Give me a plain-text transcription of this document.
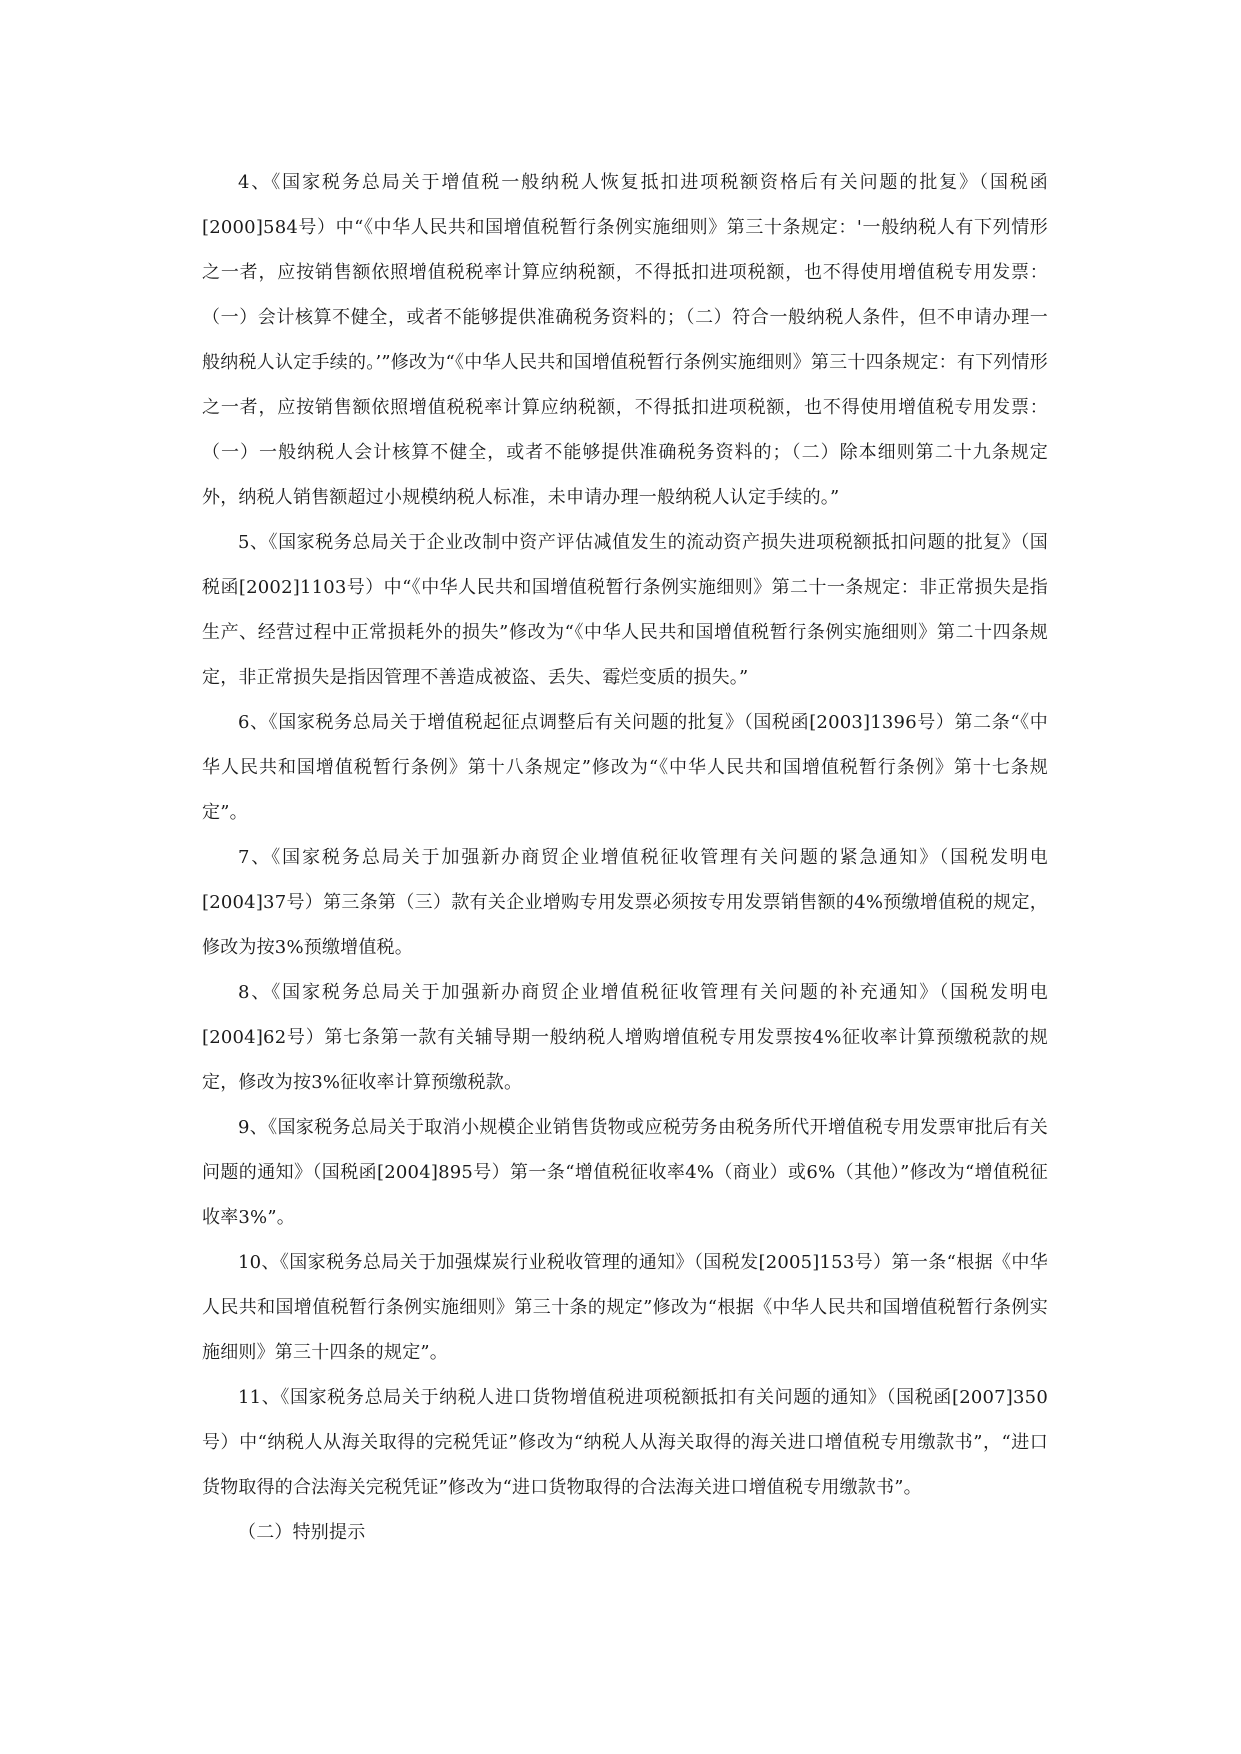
4、《国家税务总局关于增值税一般纳税人恢复抵扣进项税额资格后有关问题的批复》（国税函[2000]584号）中“《中华人民共和国增值税暂行条例实施细则》第三十条规定：'一般纳税人有下列情形之一者，应按销售额依照增值税税率计算应纳税额，不得抵扣进项税额，也不得使用增值税专用发票：（一）会计核算不健全，或者不能够提供准确税务资料的；（二）符合一般纳税人条件，但不申请办理一般纳税人认定手续的。’”修改为“《中华人民共和国增值税暂行条例实施细则》第三十四条规定：有下列情形之一者，应按销售额依照增值税税率计算应纳税额，不得抵扣进项税额，也不得使用增值税专用发票：（一）一般纳税人会计核算不健全，或者不能够提供准确税务资料的；（二）除本细则第二十九条规定外，纳税人销售额超过小规模纳税人标准，未申请办理一般纳税人认定手续的。”

5、《国家税务总局关于企业改制中资产评估减值发生的流动资产损失进项税额抵扣问题的批复》（国税函[2002]1103号）中“《中华人民共和国增值税暂行条例实施细则》第二十一条规定：非正常损失是指生产、经营过程中正常损耗外的损失”修改为“《中华人民共和国增值税暂行条例实施细则》第二十四条规定，非正常损失是指因管理不善造成被盗、丢失、霉烂变质的损失。”

6、《国家税务总局关于增值税起征点调整后有关问题的批复》（国税函[2003]1396号）第二条“《中华人民共和国增值税暂行条例》第十八条规定”修改为“《中华人民共和国增值税暂行条例》第十七条规定”。

7、《国家税务总局关于加强新办商贸企业增值税征收管理有关问题的紧急通知》（国税发明电[2004]37号）第三条第（三）款有关企业增购专用发票必须按专用发票销售额的4%预缴增值税的规定，修改为按3%预缴增值税。

8、《国家税务总局关于加强新办商贸企业增值税征收管理有关问题的补充通知》（国税发明电[2004]62号）第七条第一款有关辅导期一般纳税人增购增值税专用发票按4%征收率计算预缴税款的规定，修改为按3%征收率计算预缴税款。

9、《国家税务总局关于取消小规模企业销售货物或应税劳务由税务所代开增值税专用发票审批后有关问题的通知》（国税函[2004]895号）第一条“增值税征收率4%（商业）或6%（其他）”修改为“增值税征收率3%”。

10、《国家税务总局关于加强煤炭行业税收管理的通知》（国税发[2005]153号）第一条“根据《中华人民共和国增值税暂行条例实施细则》第三十条的规定”修改为“根据《中华人民共和国增值税暂行条例实施细则》第三十四条的规定”。

11、《国家税务总局关于纳税人进口货物增值税进项税额抵扣有关问题的通知》（国税函[2007]350号）中“纳税人从海关取得的完税凭证”修改为“纳税人从海关取得的海关进口增值税专用缴款书”，“进口货物取得的合法海关完税凭证”修改为“进口货物取得的合法海关进口增值税专用缴款书”。

（二）特别提示
